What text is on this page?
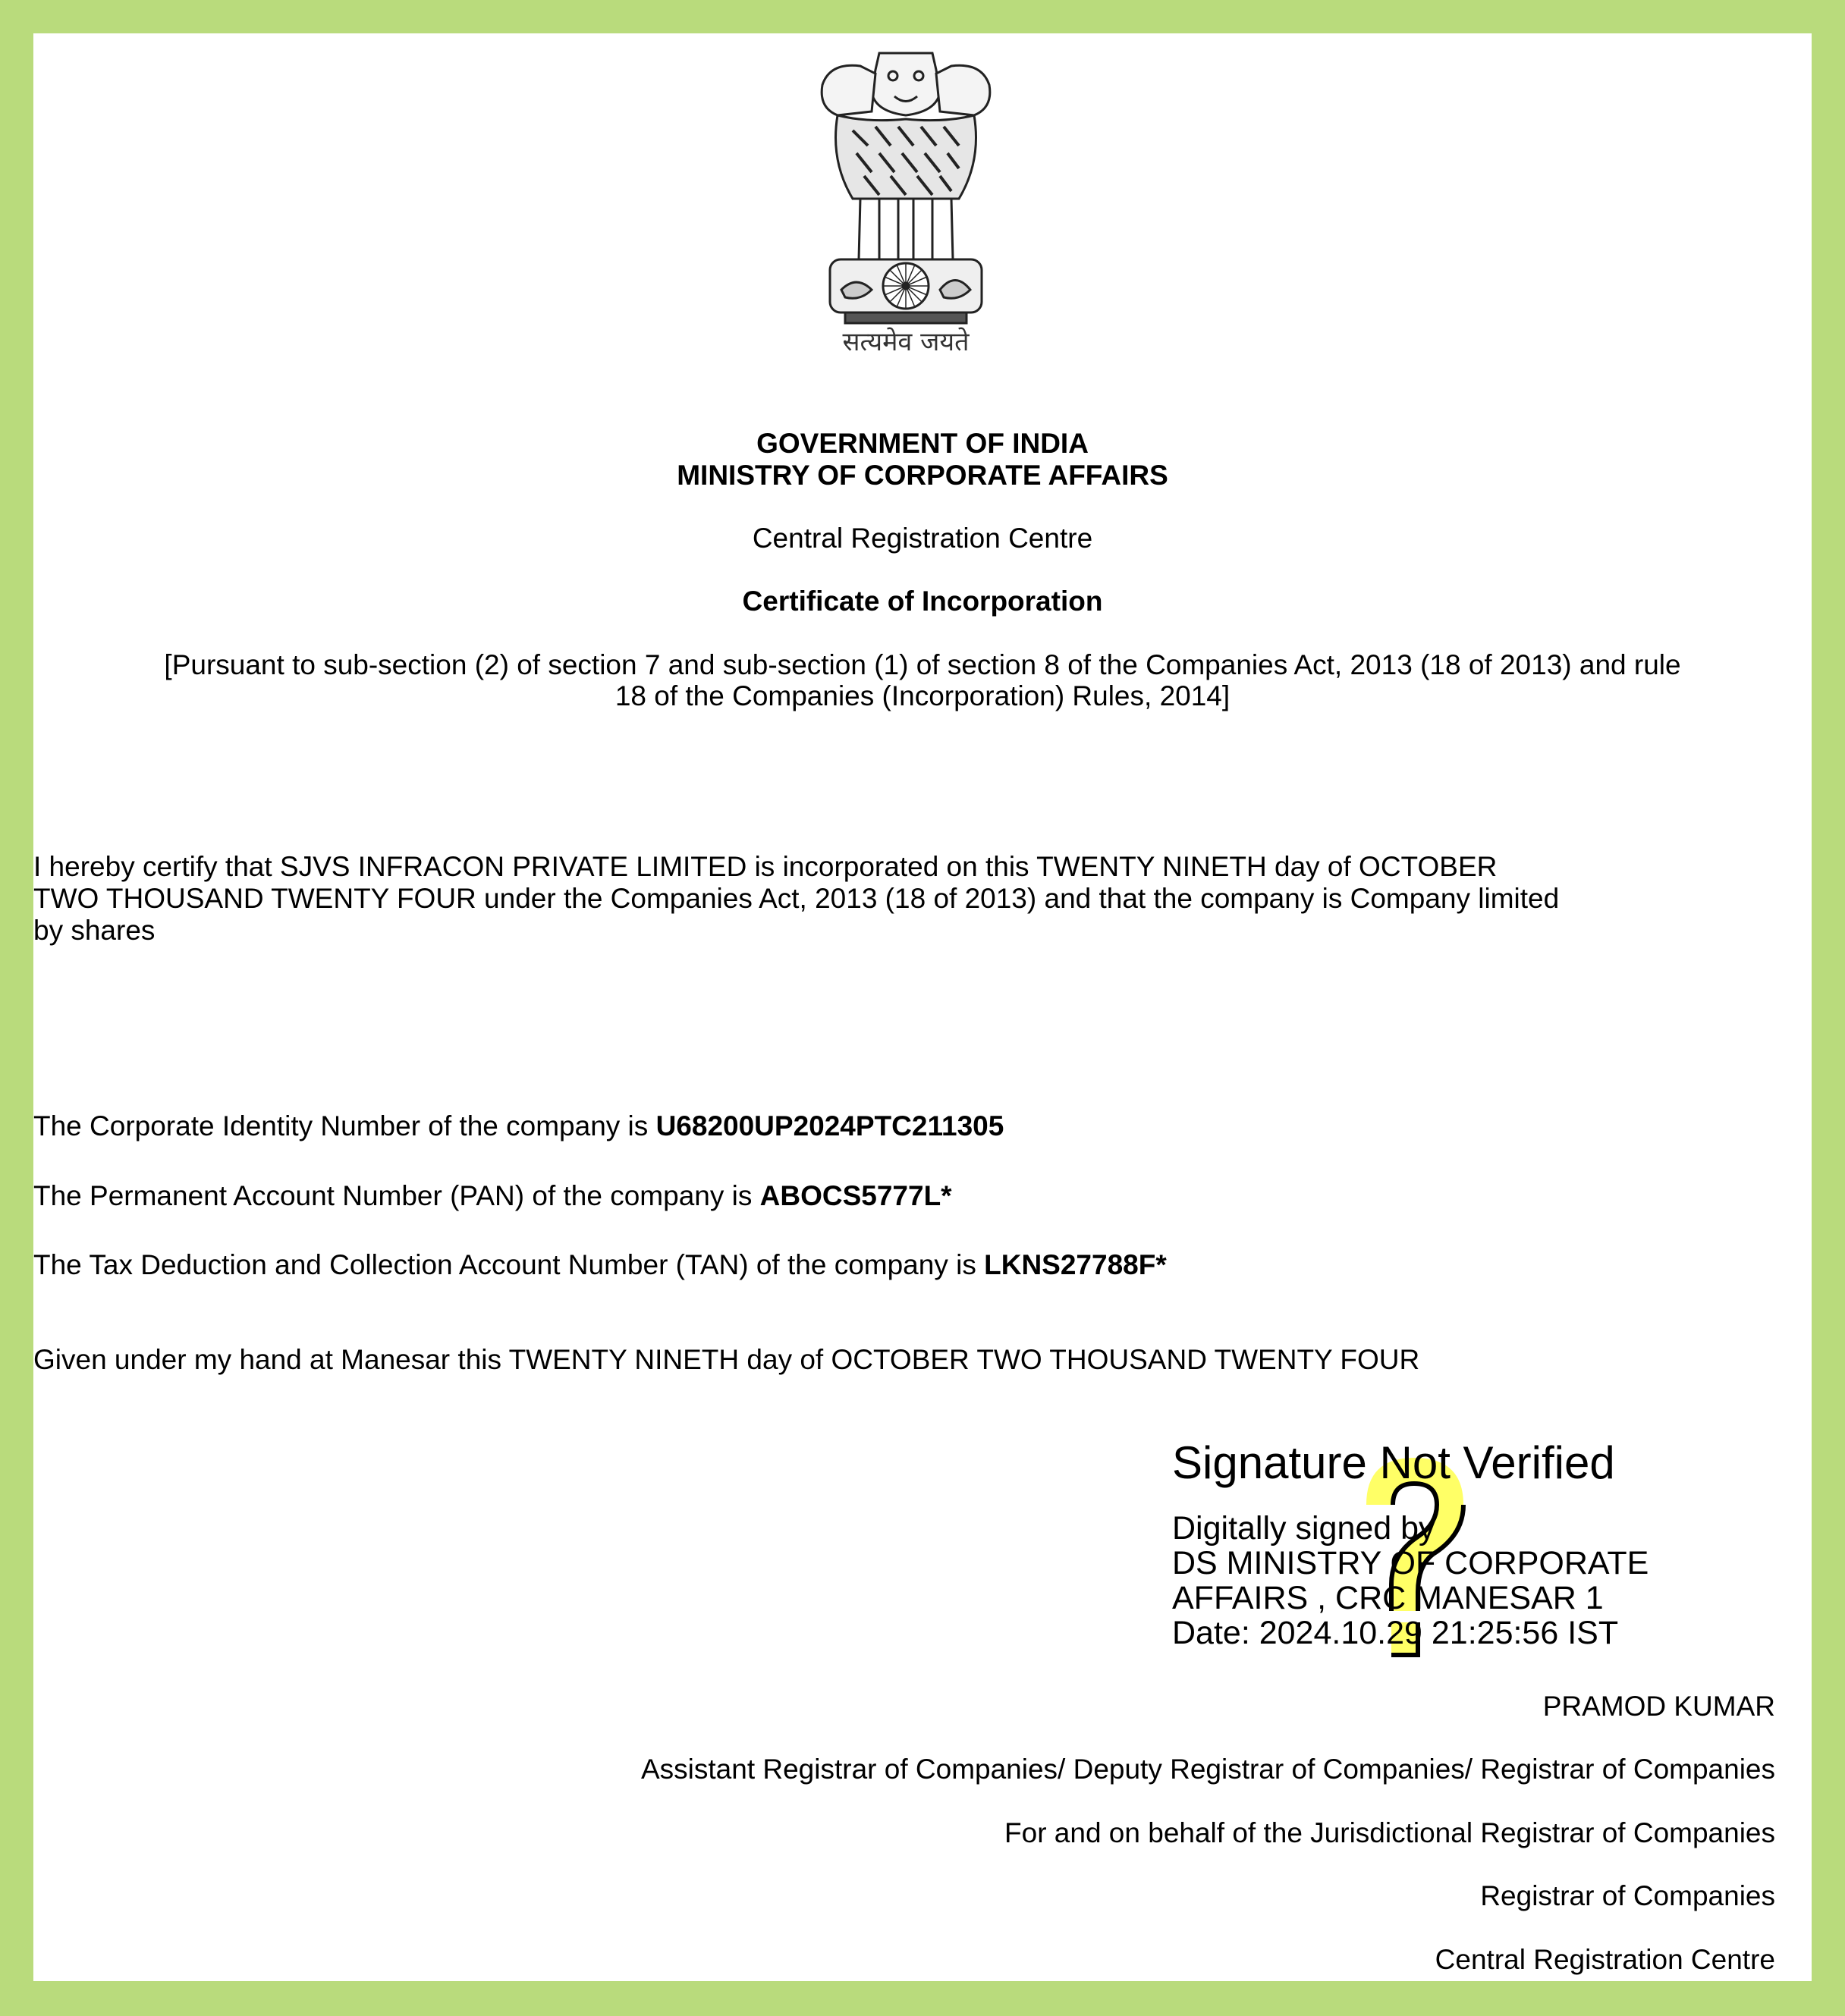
सत्यमेव जयते
GOVERNMENT OF INDIA
MINISTRY OF CORPORATE AFFAIRS
Central Registration Centre
Certificate of Incorporation
[Pursuant to sub-section (2) of section 7 and sub-section (1) of section 8 of the Companies Act, 2013 (18 of 2013) and rule
18 of the Companies (Incorporation) Rules, 2014]
I hereby certify that SJVS INFRACON PRIVATE LIMITED is incorporated on this TWENTY NINETH day of OCTOBER
TWO THOUSAND TWENTY FOUR under the Companies Act, 2013 (18 of 2013) and that the company is Company limited
by shares
The Corporate Identity Number of the company is U68200UP2024PTC211305
The Permanent Account Number (PAN) of the company is ABOCS5777L*
The Tax Deduction and Collection Account Number (TAN) of the company is LKNS27788F*
Given under my hand at Manesar this TWENTY NINETH day of OCTOBER TWO THOUSAND TWENTY FOUR
Signature Not Verified
Digitally signed by
DS MINISTRY OF CORPORATE
AFFAIRS , CRC MANESAR 1
Date: 2024.10.29 21:25:56 IST
PRAMOD KUMAR
Assistant Registrar of Companies/ Deputy Registrar of Companies/ Registrar of Companies
For and on behalf of the Jurisdictional Registrar of Companies
Registrar of Companies
Central Registration Centre
